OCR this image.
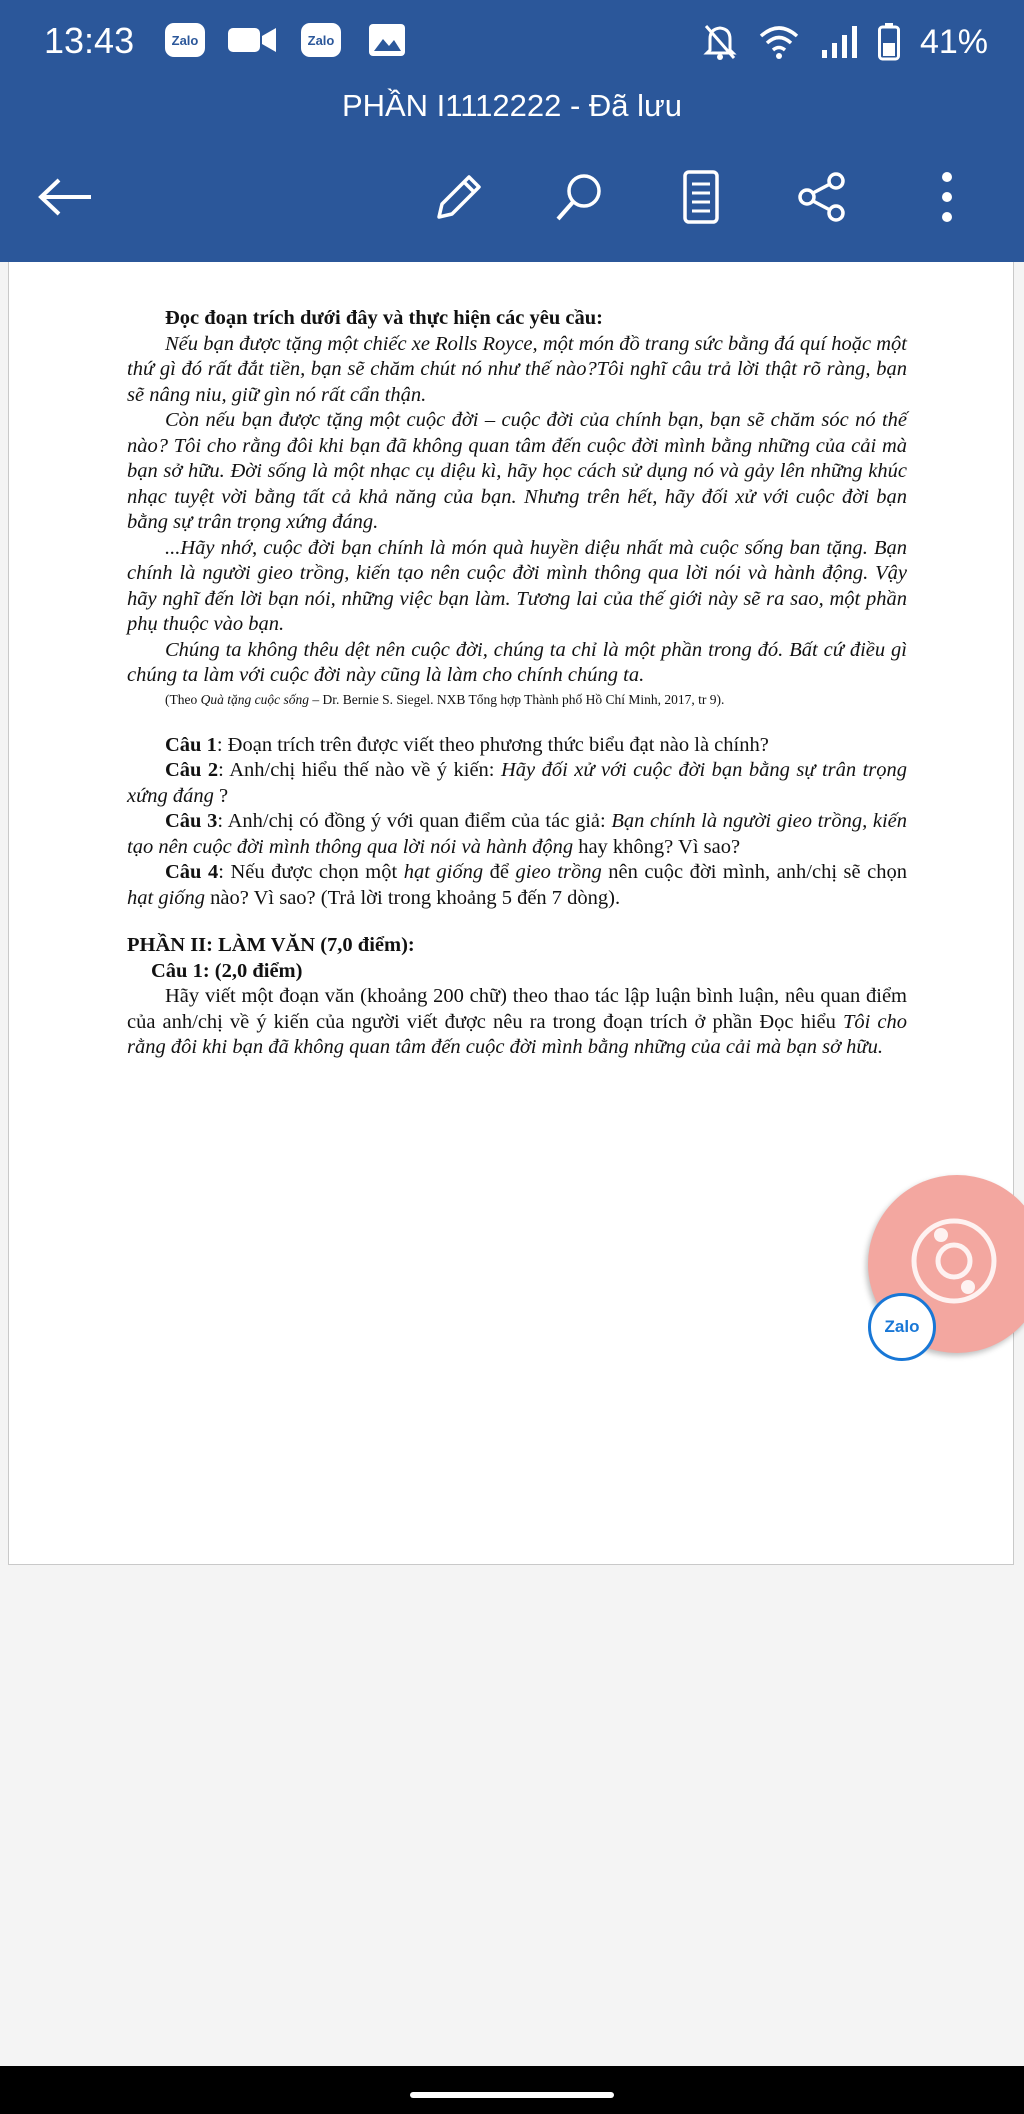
13:43	Zalo	Zalo	41%
PHẦN I1112222 - Đã lưu

Đọc đoạn trích dưới đây và thực hiện các yêu cầu:

Nếu bạn được tặng một chiếc xe Rolls Royce, một món đồ trang sức bằng đá quí hoặc một thứ gì đó rất đắt tiền, bạn sẽ chăm chút nó như thế nào?Tôi nghĩ câu trả lời thật rõ ràng, bạn sẽ nâng niu, giữ gìn nó rất cẩn thận.

Còn nếu bạn được tặng một cuộc đời – cuộc đời của chính bạn, bạn sẽ chăm sóc nó thế nào? Tôi cho rằng đôi khi bạn đã không quan tâm đến cuộc đời mình bằng những của cải mà bạn sở hữu. Đời sống là một nhạc cụ diệu kì, hãy học cách sử dụng nó và gảy lên những khúc nhạc tuyệt vời bằng tất cả khả năng của bạn. Nhưng trên hết, hãy đối xử với cuộc đời bạn bằng sự trân trọng xứng đáng.

...Hãy nhớ, cuộc đời bạn chính là món quà huyền diệu nhất mà cuộc sống ban tặng. Bạn chính là người gieo trồng, kiến tạo nên cuộc đời mình thông qua lời nói và hành động. Vậy hãy nghĩ đến lời bạn nói, những việc bạn làm. Tương lai của thế giới này sẽ ra sao, một phần phụ thuộc vào bạn.

Chúng ta không thêu dệt nên cuộc đời, chúng ta chỉ là một phần trong đó. Bất cứ điều gì chúng ta làm với cuộc đời này cũng là làm cho chính chúng ta.

(Theo Quà tặng cuộc sống – Dr. Bernie S. Siegel. NXB Tổng hợp Thành phố Hồ Chí Minh, 2017, tr 9).

Câu 1: Đoạn trích trên được viết theo phương thức biểu đạt nào là chính?

Câu 2: Anh/chị hiểu thế nào về ý kiến: Hãy đối xử với cuộc đời bạn bằng sự trân trọng xứng đáng ?

Câu 3: Anh/chị có đồng ý với quan điểm của tác giả: Bạn chính là người gieo trồng, kiến tạo nên cuộc đời mình thông qua lời nói và hành động hay không? Vì sao?

Câu 4: Nếu được chọn một hạt giống để gieo trồng nên cuộc đời mình, anh/chị sẽ chọn hạt giống nào? Vì sao? (Trả lời trong khoảng 5 đến 7 dòng).

PHẦN II: LÀM VĂN (7,0 điểm):

Câu 1: (2,0 điểm)

Hãy viết một đoạn văn (khoảng 200 chữ) theo thao tác lập luận bình luận, nêu quan điểm của anh/chị về ý kiến của người viết được nêu ra trong đoạn trích ở phần Đọc hiểu Tôi cho rằng đôi khi bạn đã không quan tâm đến cuộc đời mình bằng những của cải mà bạn sở hữu.

Zalo
